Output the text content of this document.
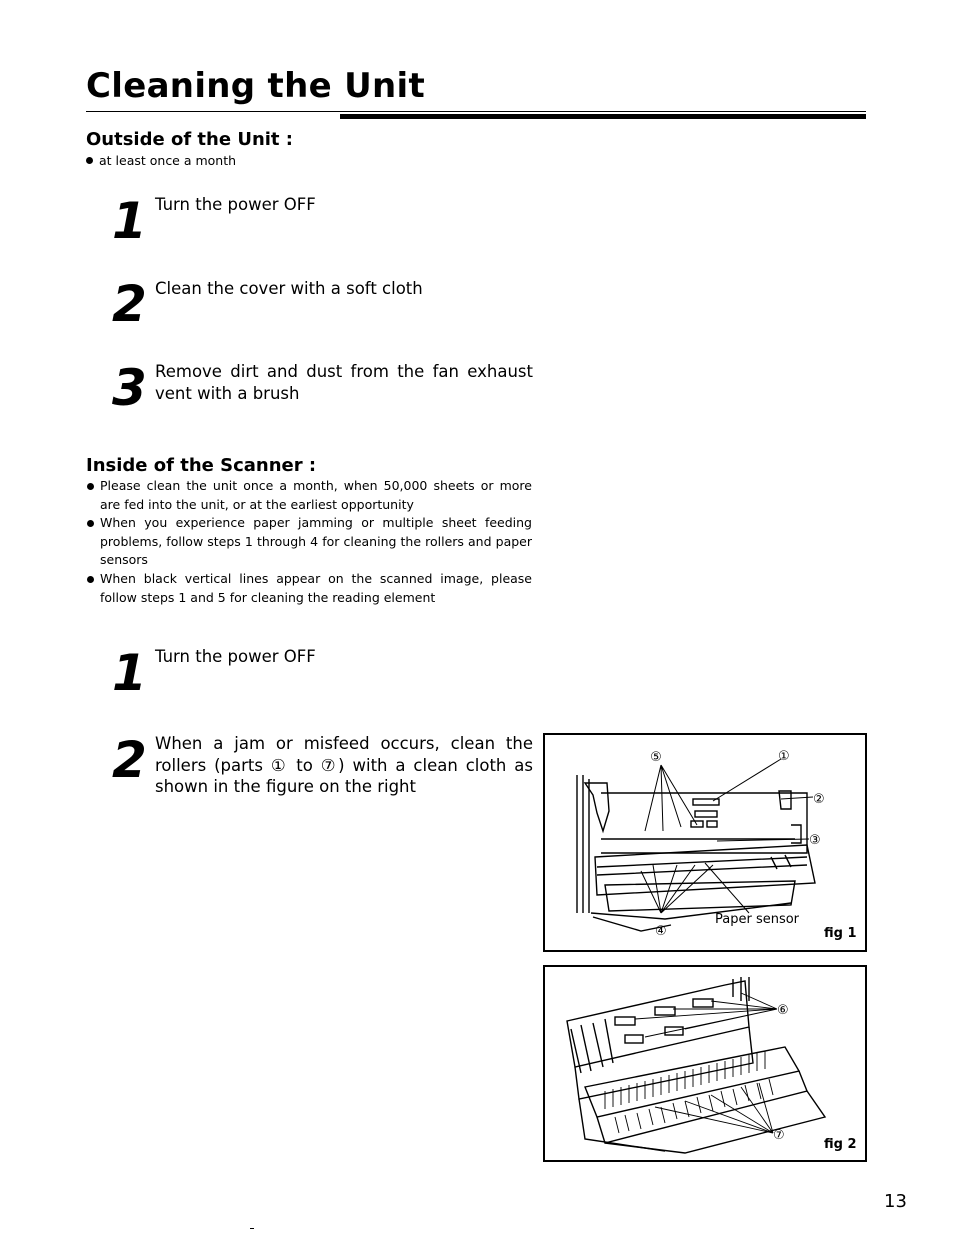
Cleaning the Unit
Outside of the Unit :
at least once a month
1 Turn the power OFF
2 Clean the cover with a soft cloth
3 Remove dirt and dust from the fan exhaust vent with a brush
Inside of the Scanner :
Please clean the unit once a month, when 50,000 sheets or more are fed into the unit, or at the earliest opportunity
When you experience paper jamming or multiple sheet feeding problems, follow steps 1 through 4 for cleaning the rollers and paper sensors
When black vertical lines appear on the scanned image, please follow steps 1 and 5 for cleaning the reading element
1 Turn the power OFF
2 When a jam or misfeed occurs, clean the rollers (parts ① to ⑦) with a clean cloth as shown in the figure on the right
⑤	①
②
③
④
Paper sensor
fig 1
⑥
⑦
fig 2
13
